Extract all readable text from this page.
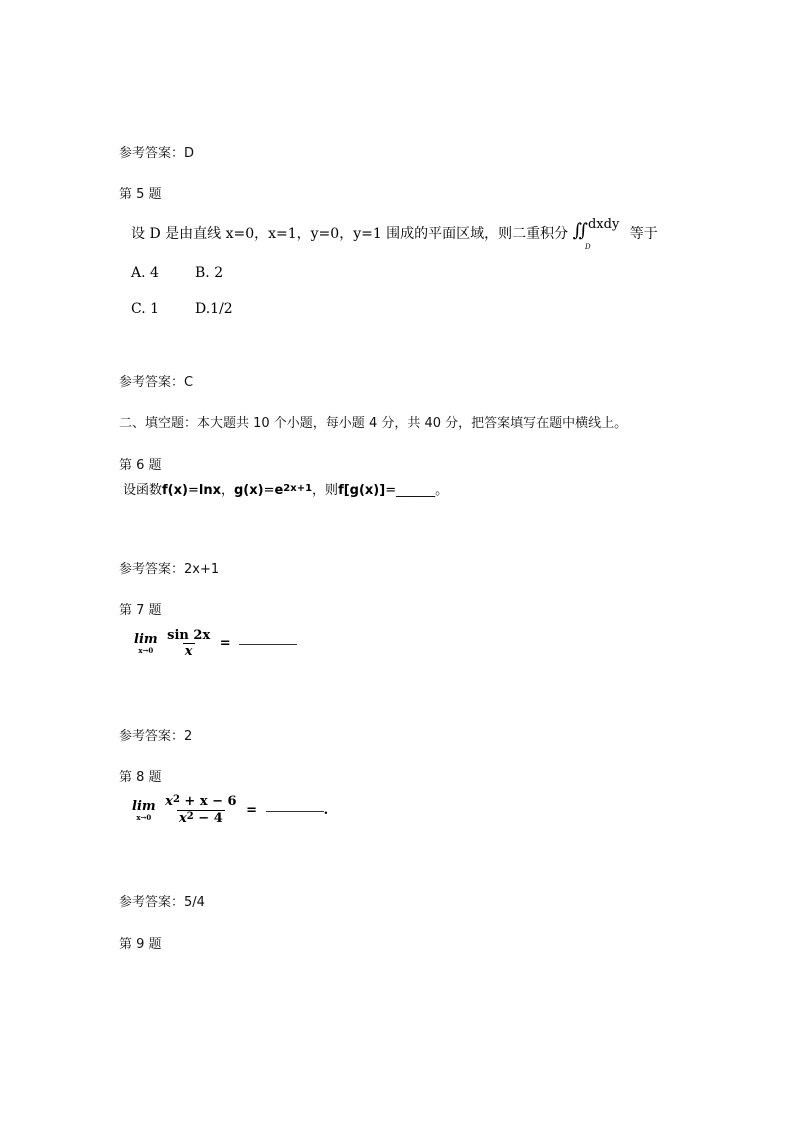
参考答案：D
第 5 题
设 D 是由直线 x=0，x=1，y=0，y=1 围成的平面区域，则二重积分 ∬ dxdy

D
等于
A. 4	B. 2
C. 1	D.1/2
参考答案：C
二、填空题：本大题共 10 个小题，每小题 4 分，共 40 分，把答案填写在题中横线上。
第 6 题
设函数f(x)=lnx，$g(x)=e^{2x+1}$，则f[g(x)]=______。
参考答案：2x+1
第 7 题
lim
x→0
$\frac{\sin 2x}{x}$ =
参考答案：2
第 8 题
lim
x→0
$\frac{x^2 + x - 6}{x^2 - 4}$ =	.
参考答案：5/4
第 9 题
